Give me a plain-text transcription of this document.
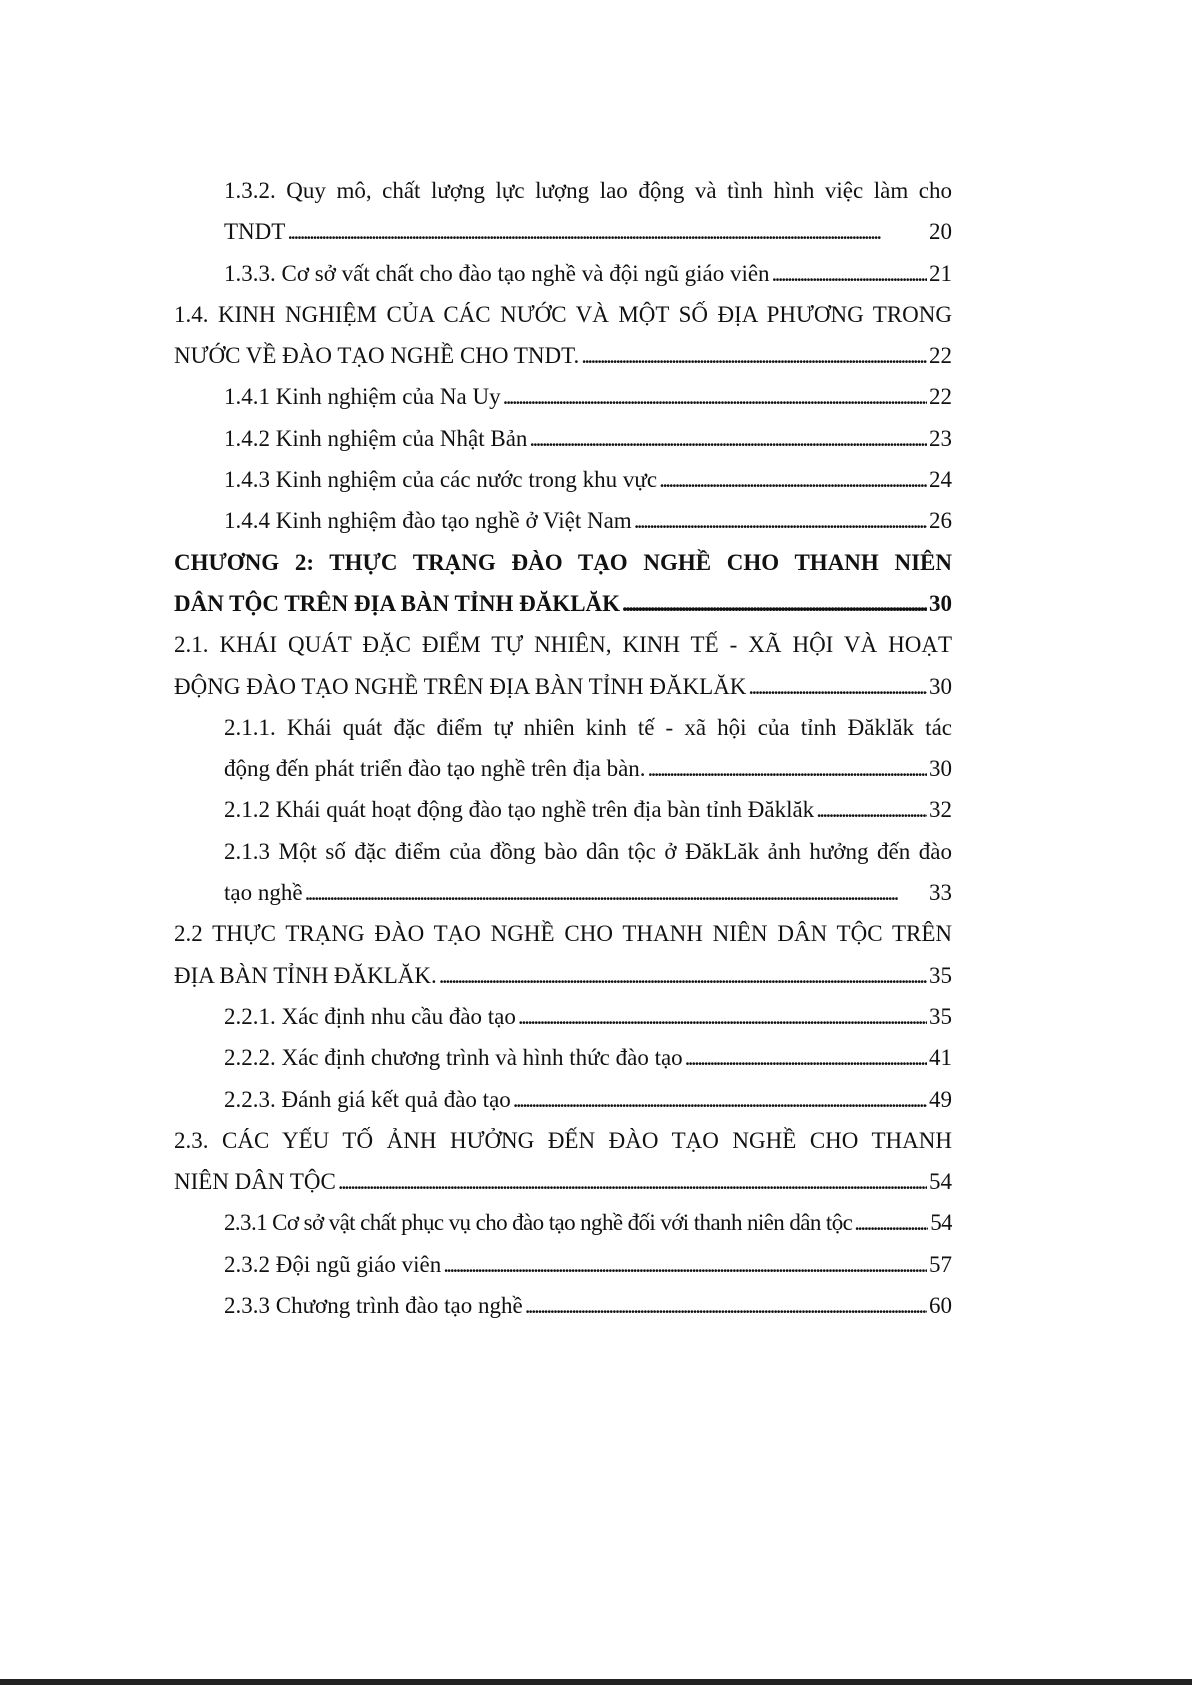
1.3.2. Quy mô, chất lượng lực lượng lao động và tình hình việc làm cho
TNDT . . .	20
1.3.3. Cơ sở vất chất cho đào tạo nghề và đội ngũ giáo viên . . .	21
1.4. KINH NGHIỆM CỦA CÁC NƯỚC VÀ MỘT SỐ ĐỊA PHƯƠNG TRONG
NƯỚC VỀ ĐÀO TẠO NGHỀ CHO TNDT. . . .	22
1.4.1 Kinh nghiệm của Na Uy . . .	22
1.4.2 Kinh nghiệm của Nhật Bản . . .	23
1.4.3 Kinh nghiệm của các nước trong khu vực . . .	24
1.4.4 Kinh nghiệm đào tạo nghề ở Việt Nam . . .	26
CHƯƠNG 2: THỰC TRẠNG ĐÀO TẠO NGHỀ CHO THANH NIÊN
DÂN TỘC TRÊN ĐỊA BÀN TỈNH ĐĂKLĂK . . .	30
2.1. KHÁI QUÁT ĐẶC ĐIỂM TỰ NHIÊN, KINH TẾ - XÃ HỘI VÀ HOẠT
ĐỘNG ĐÀO TẠO NGHỀ TRÊN ĐỊA BÀN TỈNH ĐĂKLĂK . . .	30
2.1.1. Khái quát đặc điểm tự nhiên kinh tế - xã hội của tỉnh Đăklăk tác
động đến phát triển đào tạo nghề trên địa bàn. . . .	30
2.1.2 Khái quát hoạt động đào tạo nghề trên địa bàn tỉnh Đăklăk . . .	32
2.1.3 Một số đặc điểm của đồng bào dân tộc ở ĐăkLăk ảnh hưởng đến đào
tạo nghề . . .	33
2.2 THỰC TRẠNG ĐÀO TẠO NGHỀ CHO THANH NIÊN DÂN TỘC TRÊN
ĐỊA BÀN TỈNH ĐĂKLĂK. . . .	35
2.2.1. Xác định nhu cầu đào tạo . . .	35
2.2.2. Xác định chương trình và hình thức đào tạo . . .	41
2.2.3. Đánh giá kết quả đào tạo . . .	49
2.3. CÁC YẾU TỐ ẢNH HƯỞNG ĐẾN ĐÀO TẠO NGHỀ CHO THANH
NIÊN DÂN TỘC . . .	54
2.3.1 Cơ sở vật chất phục vụ cho đào tạo nghề đối với thanh niên dân tộc . . .	54
2.3.2 Đội ngũ giáo viên . . .	57
2.3.3 Chương trình đào tạo nghề . . .	60
